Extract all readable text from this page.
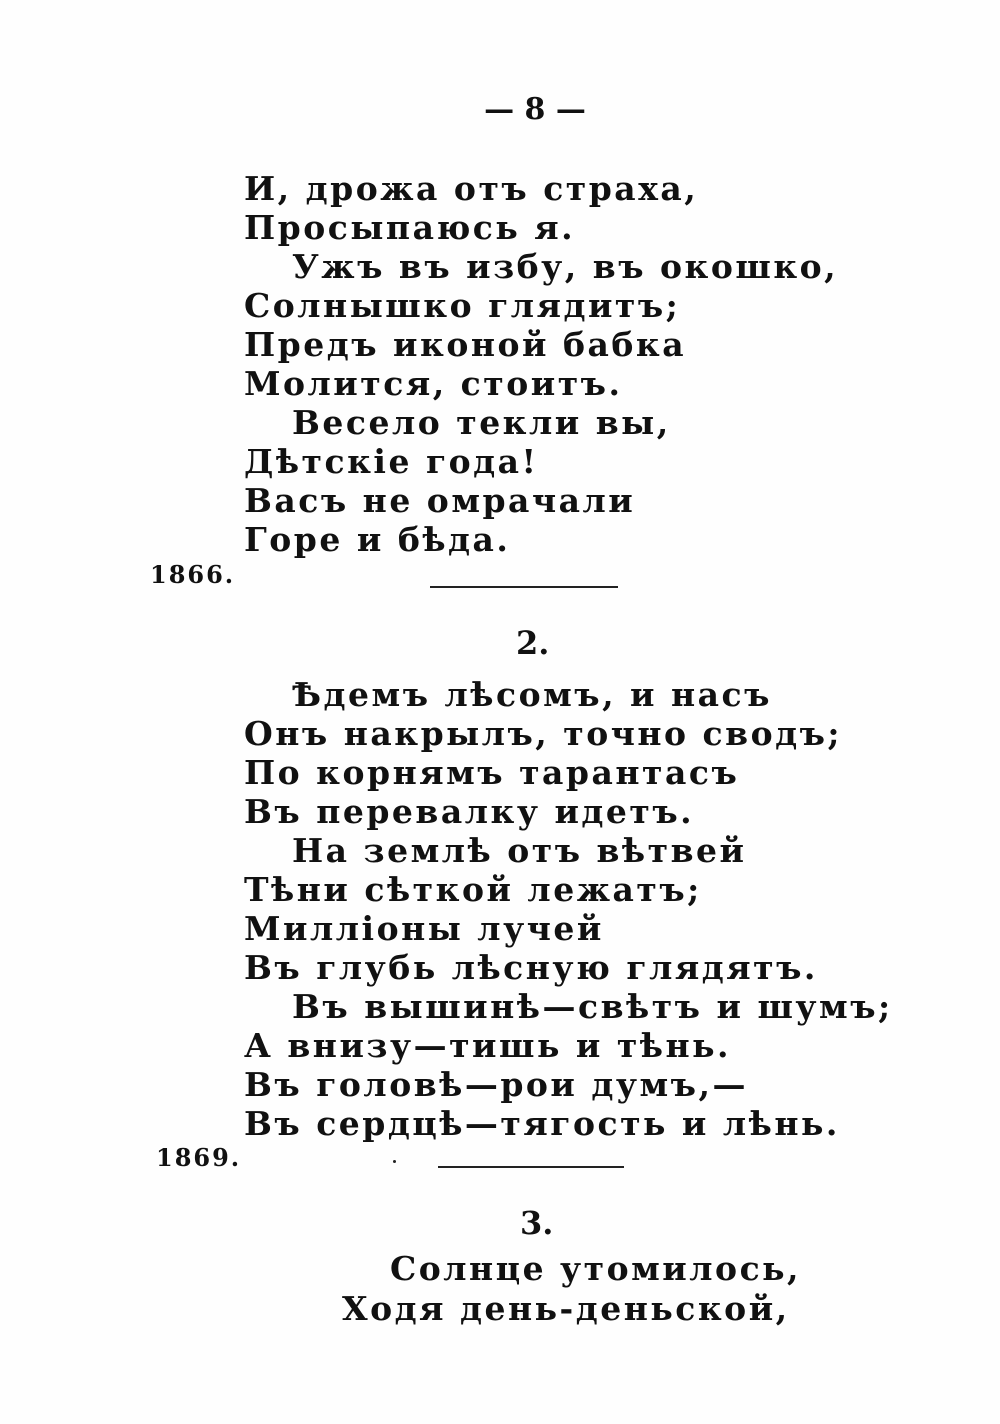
— 8 —
И, дрожа отъ страха,
Просыпаюсь я.
Ужъ въ избу, въ окошко,
Солнышко глядитъ;
Предъ иконой бабка
Молится, стоитъ.
Весело текли вы,
Дѣтскіе года!
Васъ не омрачали
Горе и бѣда.
1866.
2.
Ѣдемъ лѣсомъ, и насъ
Онъ накрылъ, точно сводъ;
По корнямъ тарантасъ
Въ перевалку идетъ.
На землѣ отъ вѣтвей
Тѣни сѣткой лежатъ;
Милліоны лучей
Въ глубь лѣсную глядятъ.
Въ вышинѣ—свѣтъ и шумъ;
А внизу—тишь и тѣнь.
Въ головѣ—рои думъ,—
Въ сердцѣ—тягость и лѣнь.
1869.
3.
Солнце утомилось,
Ходя день-деньской,
